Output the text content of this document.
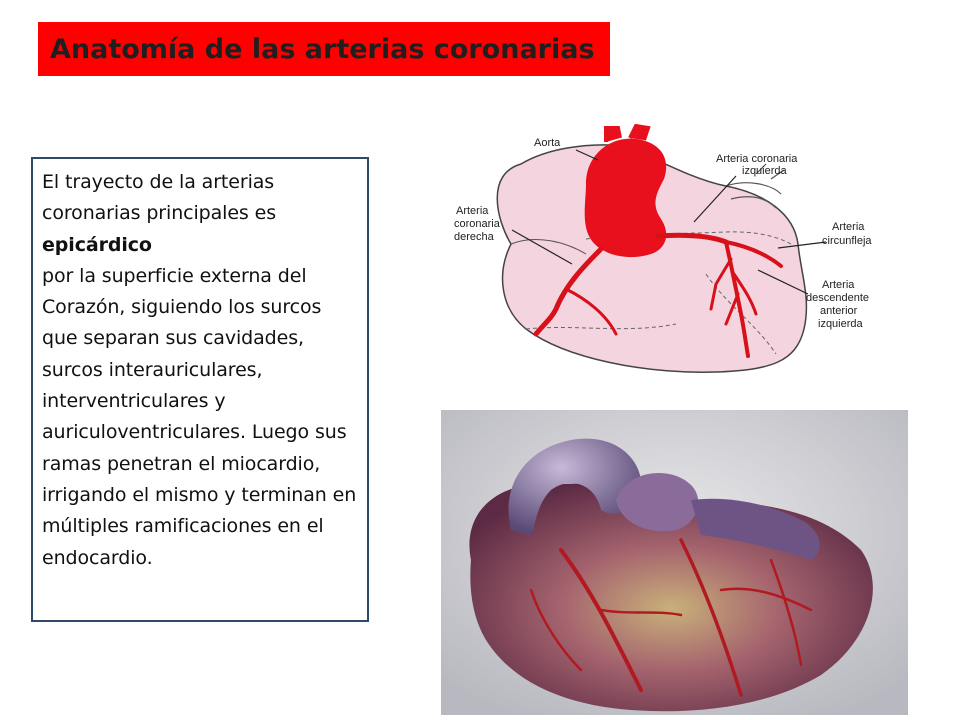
Anatomía de las arterias coronarias

El trayecto de la arterias coronarias principales es
epicárdico
por la superficie externa del Corazón, siguiendo los surcos que separan sus cavidades, surcos interauriculares, interventriculares y auriculoventriculares. Luego sus ramas penetran el miocardio, irrigando el mismo y terminan en múltiples ramificaciones en el endocardio.

Aorta
Arteria coronaria
izquierda
Arteria
coronaria
derecha
Arteria
circunfleja
Arteria
descendente
anterior
izquierda
